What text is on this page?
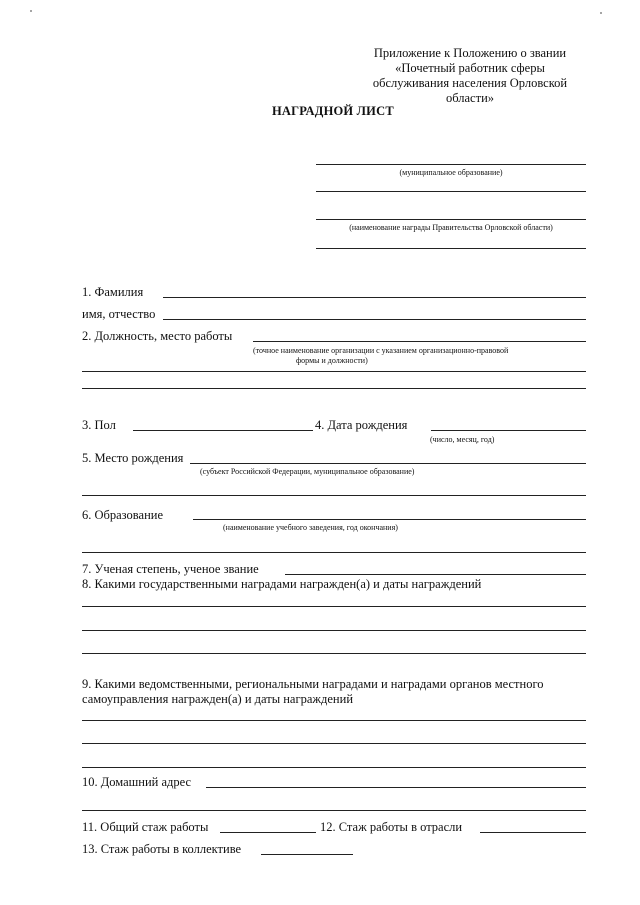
Приложение к Положению о звании
«Почетный работник сферы
обслуживания населения Орловской
области»
НАГРАДНОЙ ЛИСТ
(муниципальное образование)
(наименование награды Правительства Орловской области)
1. Фамилия
имя, отчество
2. Должность, место работы
(точное наименование организации с указанием организационно-правовой
формы и должности)
3. Пол	4. Дата рождения
(число, месяц, год)
5. Место рождения
(субъект Российской Федерации, муниципальное образование)
6. Образование
(наименование учебного заведения, год окончания)
7. Ученая степень, ученое звание
8. Какими государственными наградами награжден(а) и даты награждений
9. Какими ведомственными, региональными наградами и наградами органов местного
самоуправления награжден(а) и даты награждений
10. Домашний адрес
11. Общий стаж работы	12. Стаж работы в отрасли
13. Стаж работы в коллективе
